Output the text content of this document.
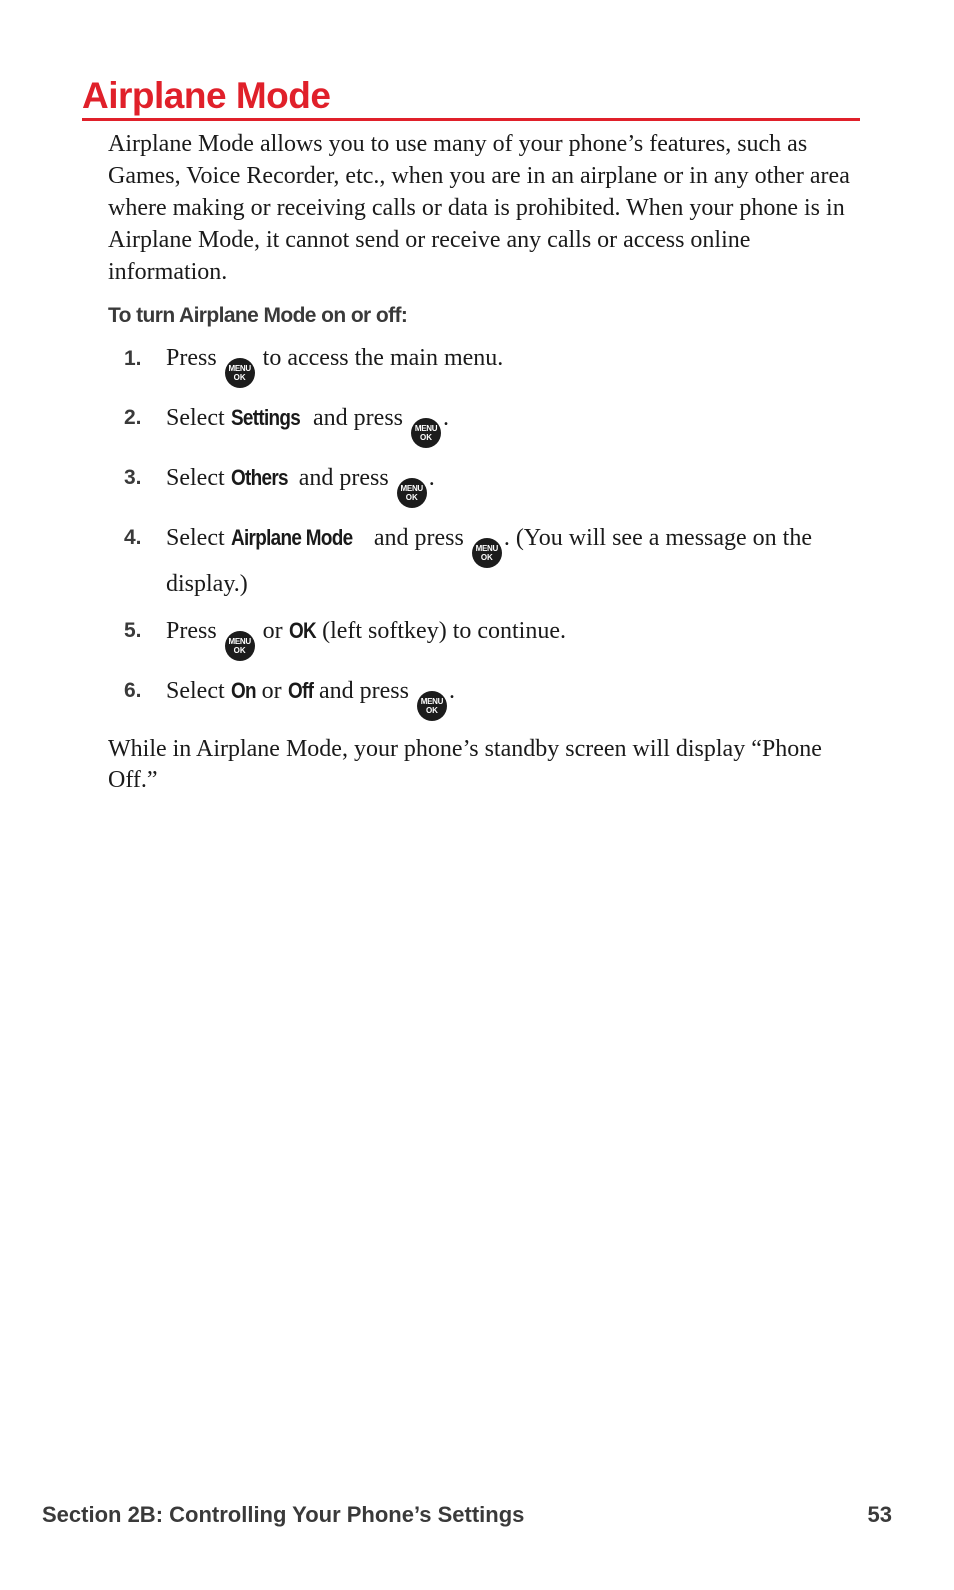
Airplane Mode

Airplane Mode allows you to use many of your phone’s features, such as Games, Voice Recorder, etc., when you are in an airplane or in any other area where making or receiving calls or data is prohibited. When your phone is in Airplane Mode, it cannot send or receive any calls or access online information.

To turn Airplane Mode on or off:

1. Press MENU
OK
to access the main menu.
2. Select Settings and press MENU
OK
.
3. Select Others and press MENU
OK
.
4. Select Airplane Mode and press MENU
OK
. (You will see a message on the display.)
5. Press MENU
OK
or OK (left softkey) to continue.
6. Select On or Off and press MENU
OK
.

While in Airplane Mode, your phone’s standby screen will display “Phone Off.”

Section 2B: Controlling Your Phone’s Settings	53
